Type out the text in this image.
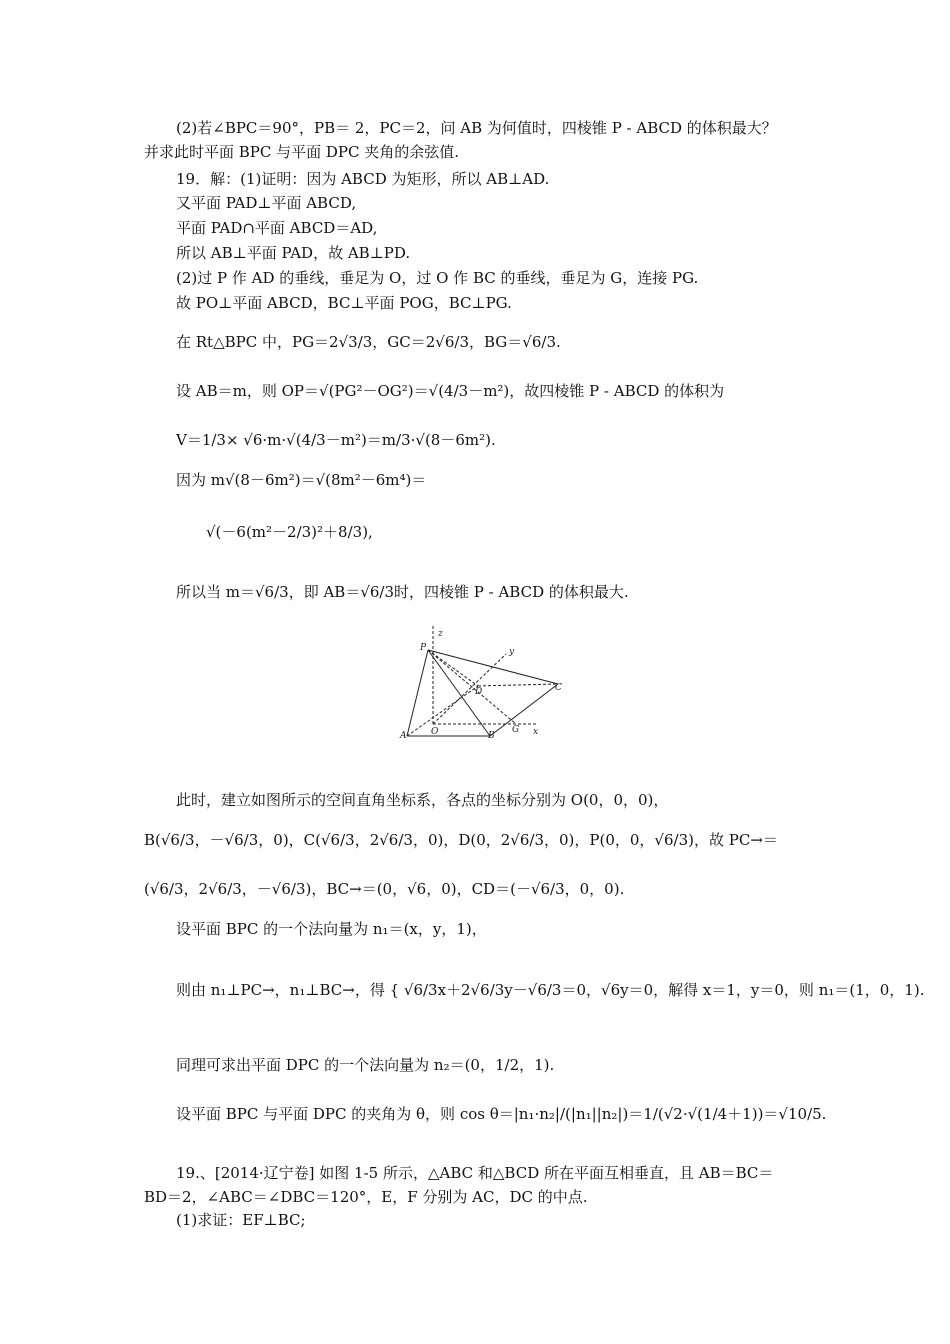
(2)若∠BPC＝90°，PB＝ 2，PC＝2，问 AB 为何值时，四棱锥 P - ABCD 的体积最大？
并求此时平面 BPC 与平面 DPC 夹角的余弦值.
19．解：(1)证明：因为 ABCD 为矩形，所以 AB⊥AD.
又平面 PAD⊥平面 ABCD,
平面 PAD∩平面 ABCD＝AD,
所以 AB⊥平面 PAD，故 AB⊥PD.
(2)过 P 作 AD 的垂线，垂足为 O，过 O 作 BC 的垂线，垂足为 G，连接 PG.
故 PO⊥平面 ABCD，BC⊥平面 POG，BC⊥PG.
在 Rt△BPC 中，PG＝2√3/3，GC＝2√6/3，BG＝√6/3.
设 AB＝m，则 OP＝√(PG²－OG²)＝√(4/3－m²)，故四棱锥 P - ABCD 的体积为
V＝1/3× √6·m·√(4/3－m²)＝m/3·√(8－6m²).
因为 m√(8－6m²)＝√(8m²－6m⁴)＝
√(－6(m²－2/3)²＋8/3),
所以当 m＝√6/3，即 AB＝√6/3时，四棱锥 P - ABCD 的体积最大.
z
P	y
D	C
O	G x
A	B
此时，建立如图所示的空间直角坐标系，各点的坐标分别为 O(0，0，0)，
B(√6/3，－√6/3，0)，C(√6/3，2√6/3，0)，D(0，2√6/3，0)，P(0，0，√6/3)，故 PC→＝
(√6/3，2√6/3，－√6/3)，BC→＝(0，√6，0)，CD＝(－√6/3，0，0).
设平面 BPC 的一个法向量为 n₁＝(x，y，1)，
则由 n₁⊥PC→，n₁⊥BC→，得 { √6/3x＋2√6/3y－√6/3＝0，√6y＝0，解得 x＝1，y＝0，则 n₁＝(1，0，1).
同理可求出平面 DPC 的一个法向量为 n₂＝(0，1/2，1).
设平面 BPC 与平面 DPC 的夹角为 θ，则 cos θ＝|n₁·n₂|/(|n₁||n₂|)＝1/(√2·√(1/4＋1))＝√10/5.
19.、[2014·辽宁卷] 如图 1-5 所示，△ABC 和△BCD 所在平面互相垂直，且 AB＝BC＝
BD＝2，∠ABC＝∠DBC＝120°，E，F 分别为 AC，DC 的中点.
(1)求证：EF⊥BC;
